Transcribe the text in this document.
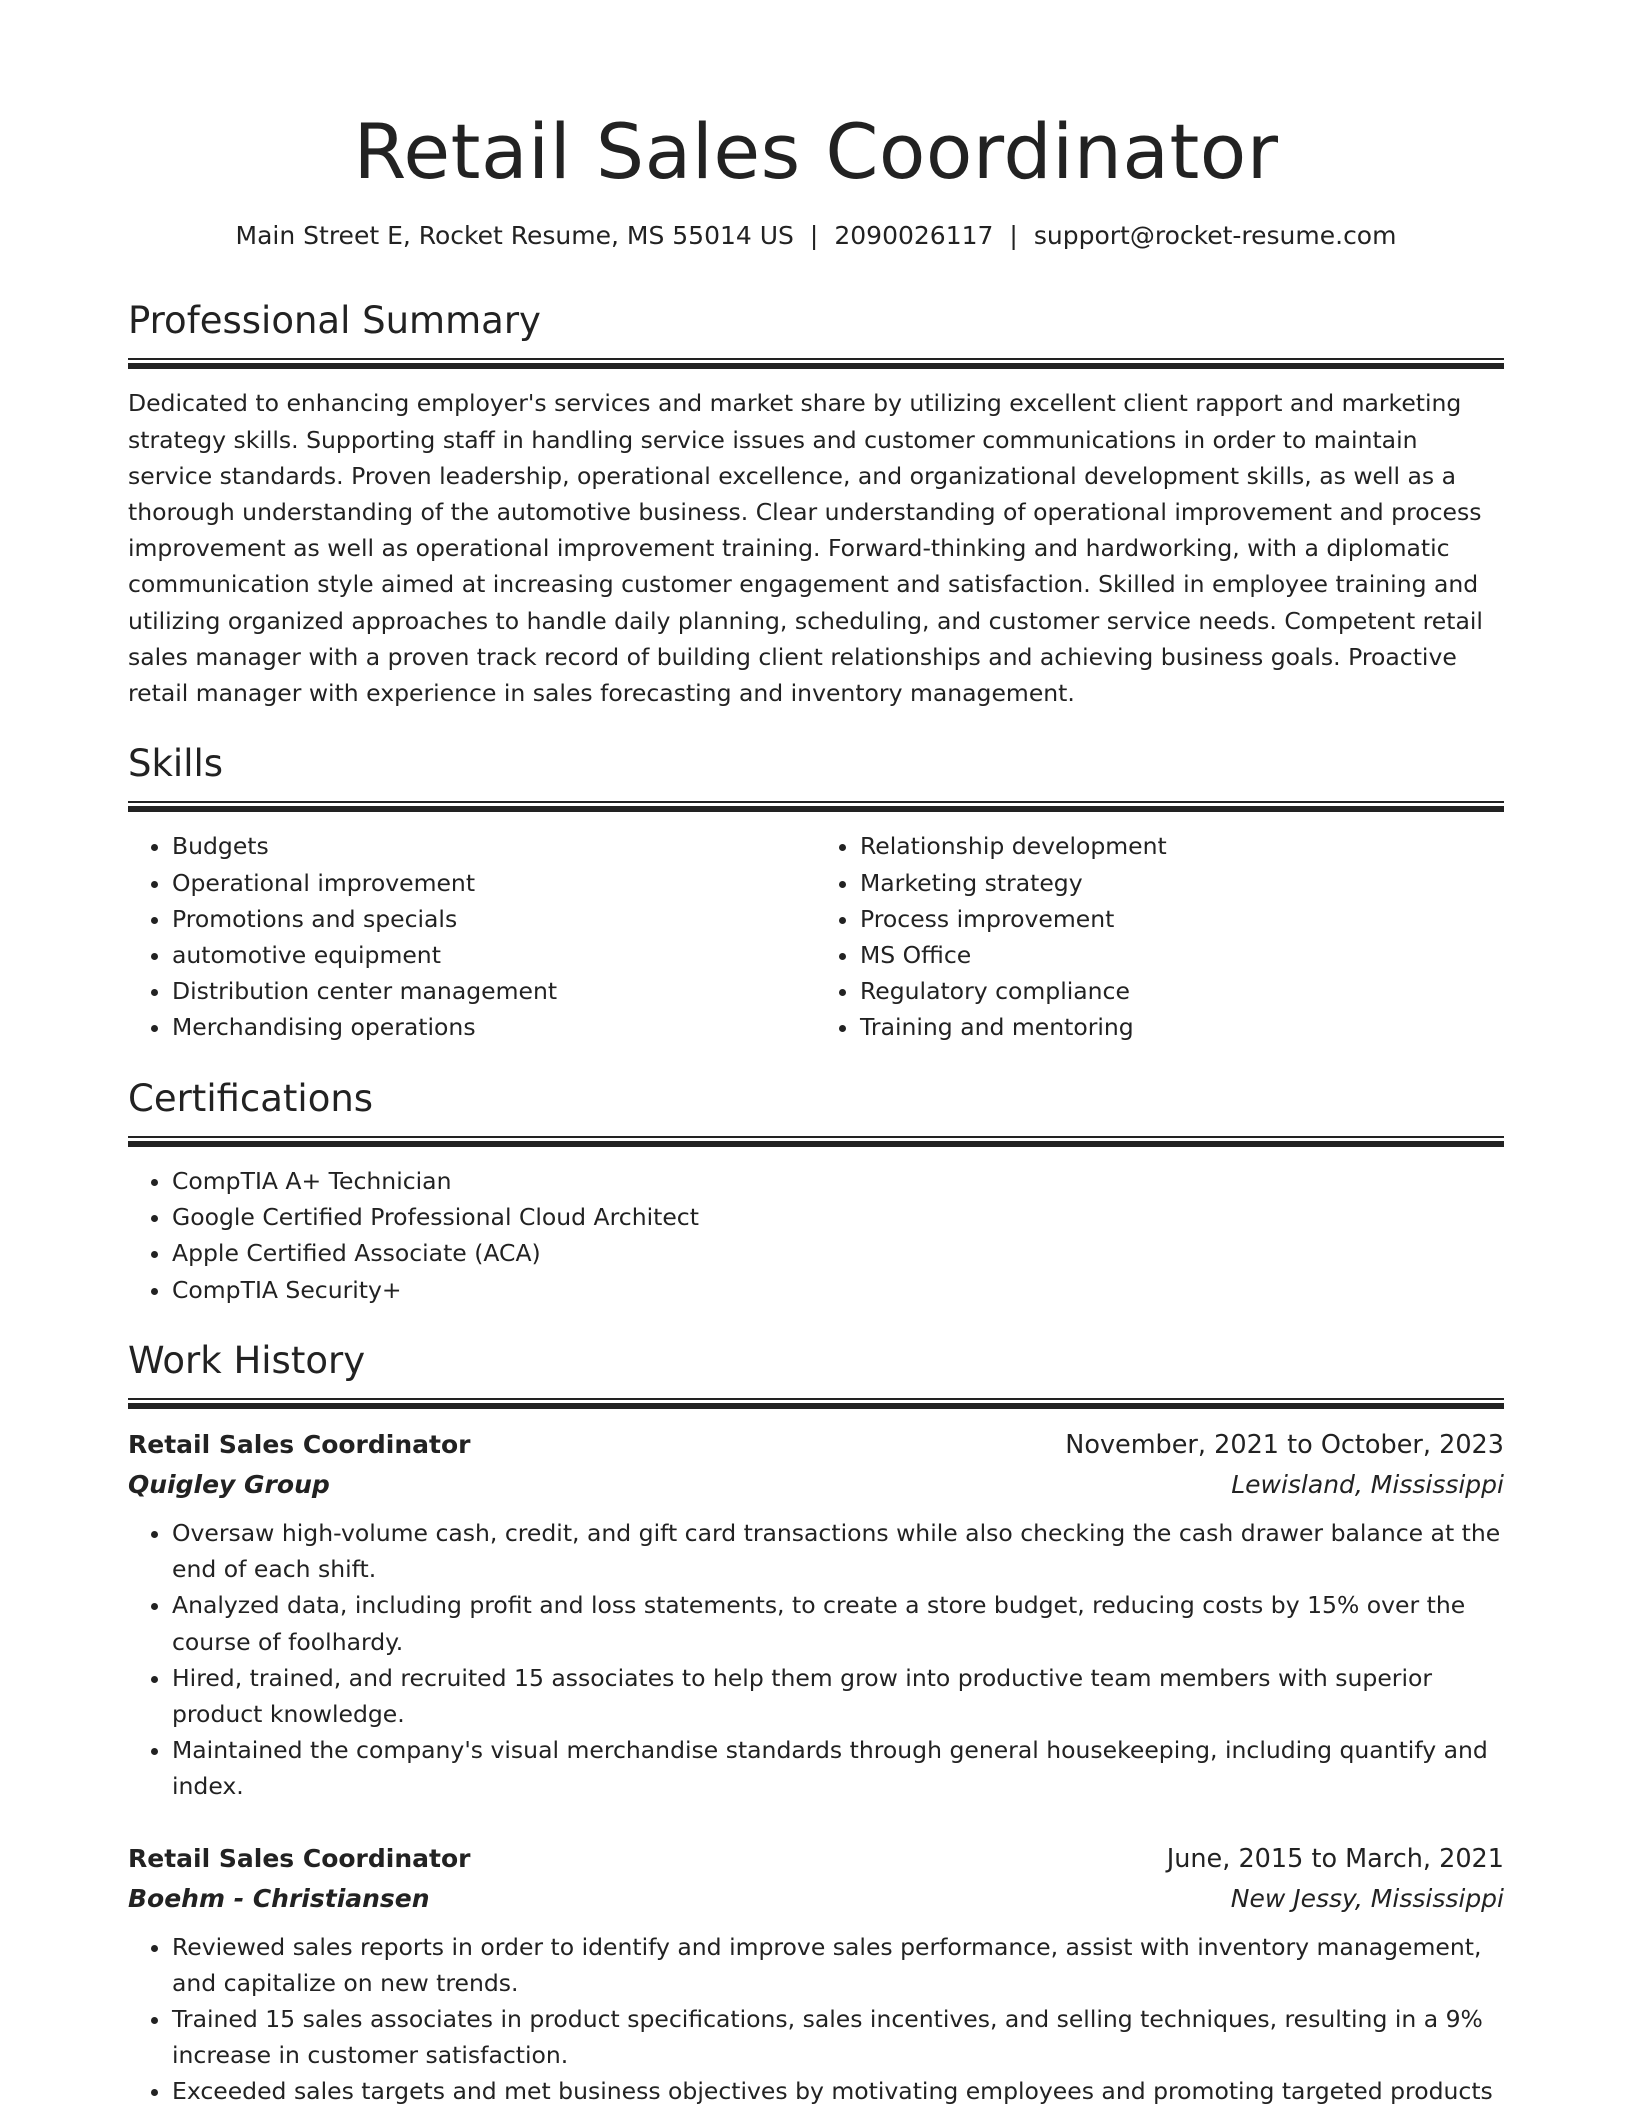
Retail Sales Coordinator
Main Street E, Rocket Resume, MS 55014 US | 2090026117 | support@rocket-resume.com
Professional Summary

Dedicated to enhancing employer's services and market share by utilizing excellent client rapport and marketing strategy skills. Supporting staff in handling service issues and customer communications in order to maintain service standards. Proven leadership, operational excellence, and organizational development skills, as well as a thorough understanding of the automotive business. Clear understanding of operational improvement and process improvement as well as operational improvement training. Forward-thinking and hardworking, with a diplomatic communication style aimed at increasing customer engagement and satisfaction. Skilled in employee training and utilizing organized approaches to handle daily planning, scheduling, and customer service needs. Competent retail sales manager with a proven track record of building client relationships and achieving business goals. Proactive retail manager with experience in sales forecasting and inventory management.

Skills
• Budgets
• Operational improvement
• Promotions and specials
• automotive equipment
• Distribution center management
• Merchandising operations
• Relationship development
• Marketing strategy
• Process improvement
• MS Office
• Regulatory compliance
• Training and mentoring
Certifications
• CompTIA A+ Technician
• Google Certified Professional Cloud Architect
• Apple Certified Associate (ACA)
• CompTIA Security+
Work History
Retail Sales Coordinator	November, 2021 to October, 2023
Quigley Group	Lewisland, Mississippi
• Oversaw high-volume cash, credit, and gift card transactions while also checking the cash drawer balance at the end of each shift.
• Analyzed data, including profit and loss statements, to create a store budget, reducing costs by 15% over the course of foolhardy.
• Hired, trained, and recruited 15 associates to help them grow into productive team members with superior product knowledge.
• Maintained the company's visual merchandise standards through general housekeeping, including quantify and index.
Retail Sales Coordinator	June, 2015 to March, 2021
Boehm - Christiansen	New Jessy, Mississippi
• Reviewed sales reports in order to identify and improve sales performance, assist with inventory management, and capitalize on new trends.
• Trained 15 sales associates in product specifications, sales incentives, and selling techniques, resulting in a 9% increase in customer satisfaction.
• Exceeded sales targets and met business objectives by motivating employees and promoting targeted products
